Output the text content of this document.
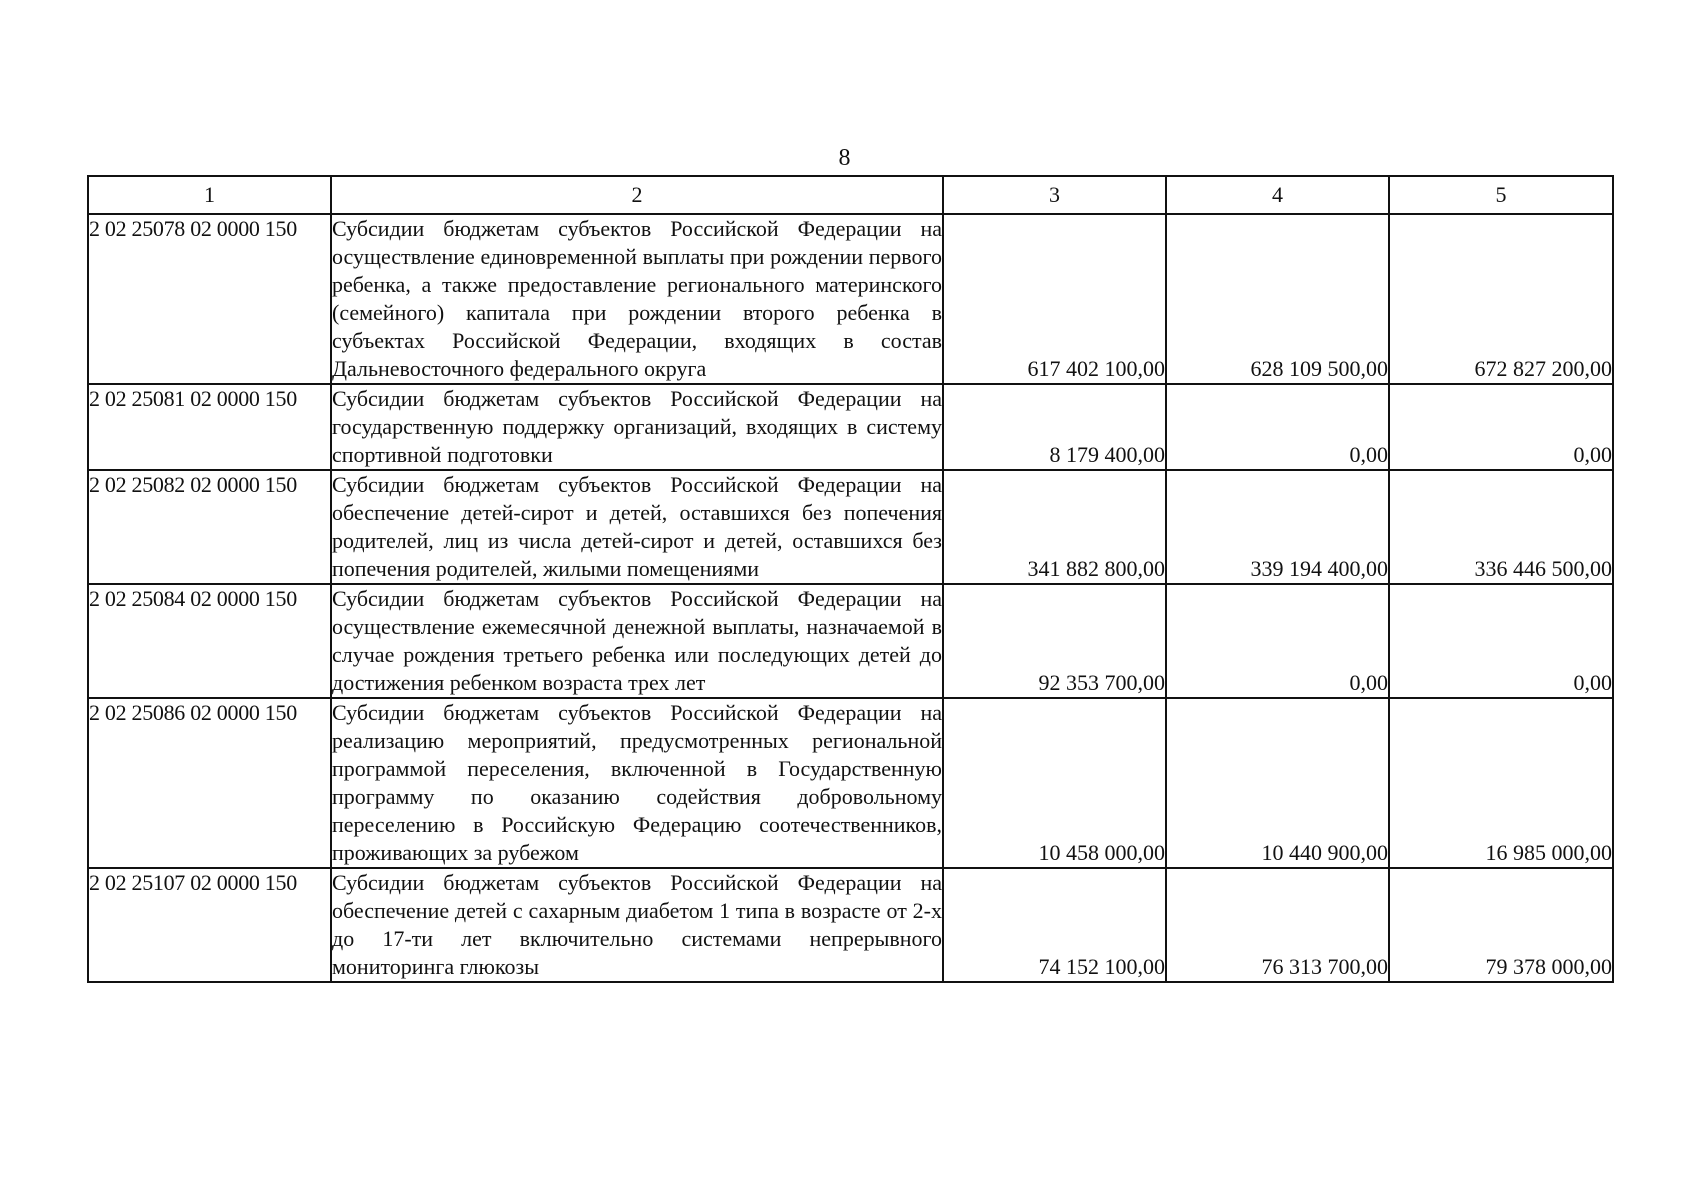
8
1	2	3	4	5
2 02 25078 02 0000 150	Субсидии бюджетам субъектов Российской Федерации на осуществление единовременной выплаты при рождении первого ребенка, а также предоставление регионального материнского (семейного) капитала при рождении второго ребенка в субъектах Российской Федерации, входящих в состав Дальневосточного федерального округа	617 402 100,00	628 109 500,00	672 827 200,00
2 02 25081 02 0000 150	Субсидии бюджетам субъектов Российской Федерации на государственную поддержку организаций, входящих в систему спортивной подготовки	8 179 400,00	0,00	0,00
2 02 25082 02 0000 150	Субсидии бюджетам субъектов Российской Федерации на обеспечение детей-сирот и детей, оставшихся без попечения родителей, лиц из числа детей-сирот и детей, оставшихся без попечения родителей, жилыми помещениями	341 882 800,00	339 194 400,00	336 446 500,00
2 02 25084 02 0000 150	Субсидии бюджетам субъектов Российской Федерации на осуществление ежемесячной денежной выплаты, назначаемой в случае рождения третьего ребенка или последующих детей до достижения ребенком возраста трех лет	92 353 700,00	0,00	0,00
2 02 25086 02 0000 150	Субсидии бюджетам субъектов Российской Федерации на реализацию мероприятий, предусмотренных региональной программой переселения, включенной в Государственную программу по оказанию содействия добровольному переселению в Российскую Федерацию соотечественников, проживающих за рубежом	10 458 000,00	10 440 900,00	16 985 000,00
2 02 25107 02 0000 150	Субсидии бюджетам субъектов Российской Федерации на обеспечение детей с сахарным диабетом 1 типа в возрасте от 2-х до 17-ти лет включительно системами непрерывного мониторинга глюкозы	74 152 100,00	76 313 700,00	79 378 000,00
